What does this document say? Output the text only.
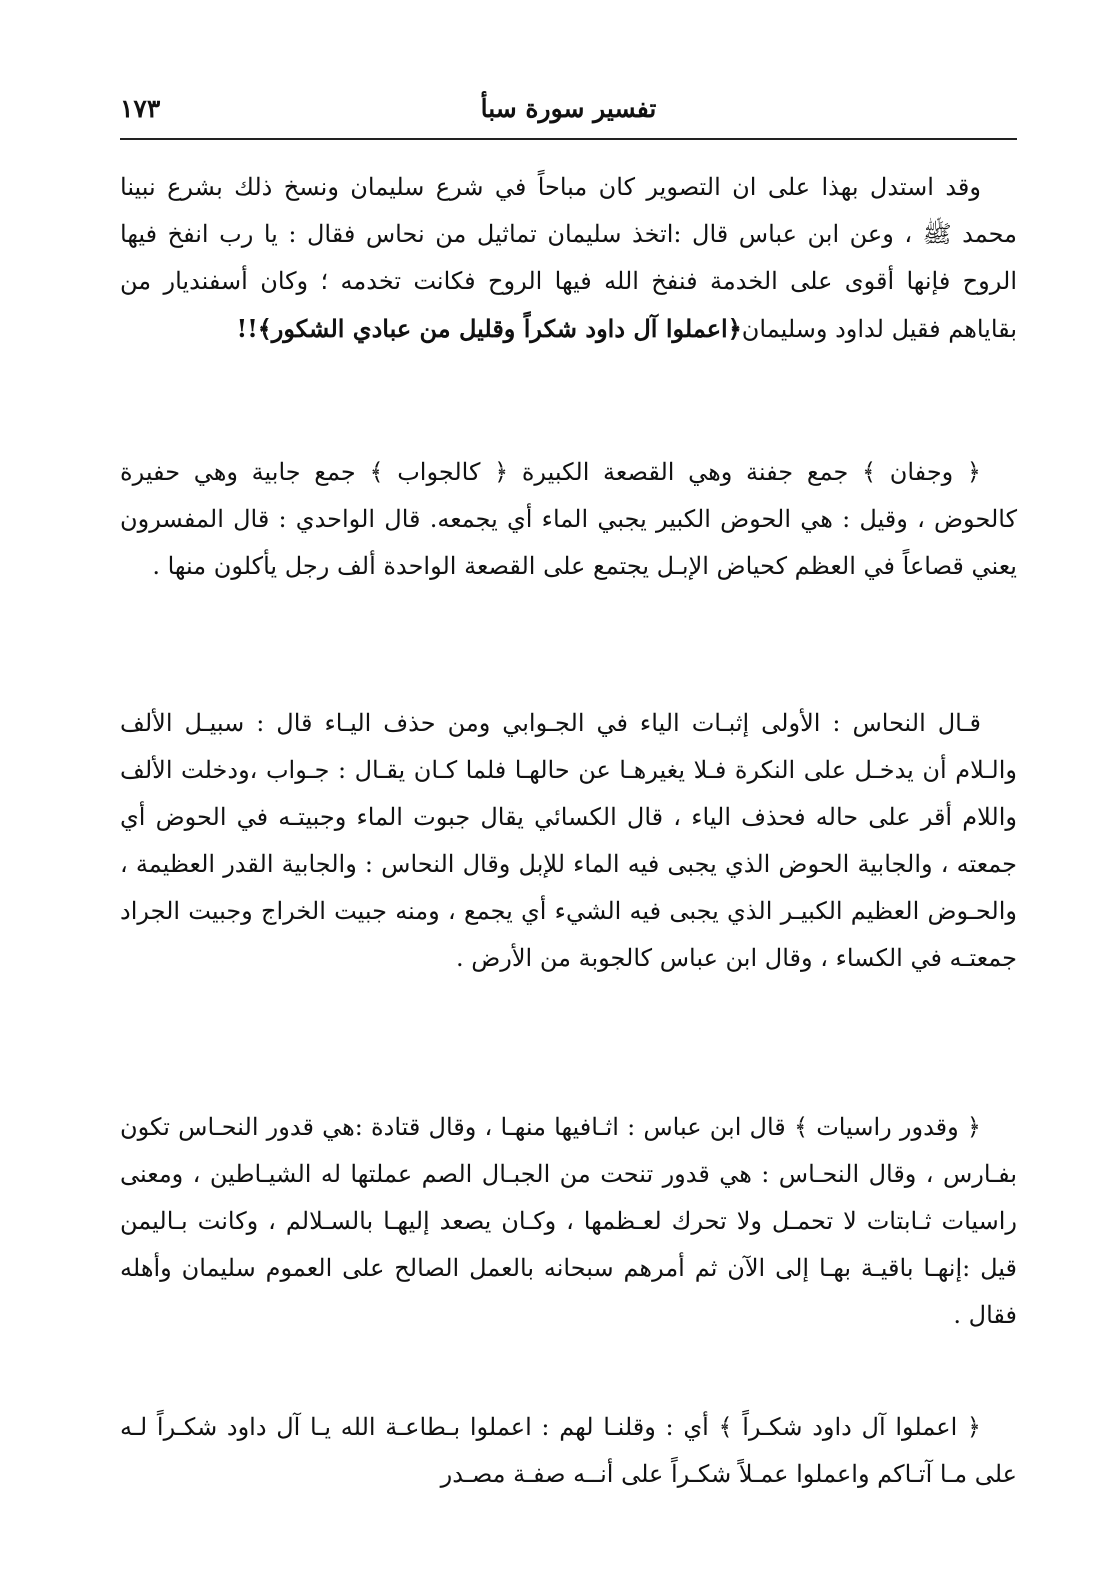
تفسير سورة سبأ
١٧٣

وقد استدل بهذا على ان التصوير كان مباحاً في شرع سليمان ونسخ ذلك بشرع نبينا محمد ﷺ ، وعن ابن عباس قال :اتخذ سليمان تماثيل من نحاس فقال : يا رب انفخ فيها الروح فإنها أقوى على الخدمة فنفخ الله فيها الروح فكانت تخدمه ؛ وكان أسفنديار من بقاياهم فقيل لداود وسليمان﴿اعملوا آل داود شكراً وقليل من عبادي الشكور﴾!!

﴿ وجفان ﴾ جمع جفنة وهي القصعة الكبيرة ﴿ كالجواب ﴾ جمع جابية وهي حفيرة كالحوض ، وقيل : هي الحوض الكبير يجبي الماء أي يجمعه. قال الواحدي : قال المفسرون يعني قصاعاً في العظم كحياض الإبـل يجتمع على القصعة الواحدة ألف رجل يأكلون منها .

قـال النحاس : الأولى إثبـات الياء في الجـوابي ومن حذف اليـاء قال : سبيـل الألف والـلام أن يدخـل على النكرة فـلا يغيرهـا عن حالهـا فلما كـان يقـال : جـواب ،ودخلت الألف واللام أقر على حاله فحذف الياء ، قال الكسائي يقال جبوت الماء وجبيتـه في الحوض أي جمعته ، والجابية الحوض الذي يجبى فيه الماء للإبل وقال النحاس : والجابية القدر العظيمة ، والحـوض العظيم الكبيـر الذي يجبى فيه الشيء أي يجمع ، ومنه جبيت الخراج وجبيت الجراد جمعتـه في الكساء ، وقال ابن عباس كالجوبة من الأرض .

﴿ وقدور راسيات ﴾ قال ابن عباس : اثـافيها منهـا ، وقال قتادة :هي قدور النحـاس تكون بفـارس ، وقال النحـاس : هي قدور تنحت من الجبـال الصم عملتها له الشيـاطين ، ومعنى راسيات ثـابتات لا تحمـل ولا تحرك لعـظمها ، وكـان يصعد إليهـا بالسـلالم ، وكانت بـاليمن قيل :إنهـا باقيـة بهـا إلى الآن ثم أمرهم سبحانه بالعمل الصالح على العموم سليمان وأهله فقال .

﴿ اعملوا آل داود شكـراً ﴾ أي : وقلنـا لهم : اعملوا بـطاعـة الله يـا آل داود شكـراً لـه على مـا آتـاكم واعملوا عمـلاً شكـراً على أنــه صفـة مصـدر
